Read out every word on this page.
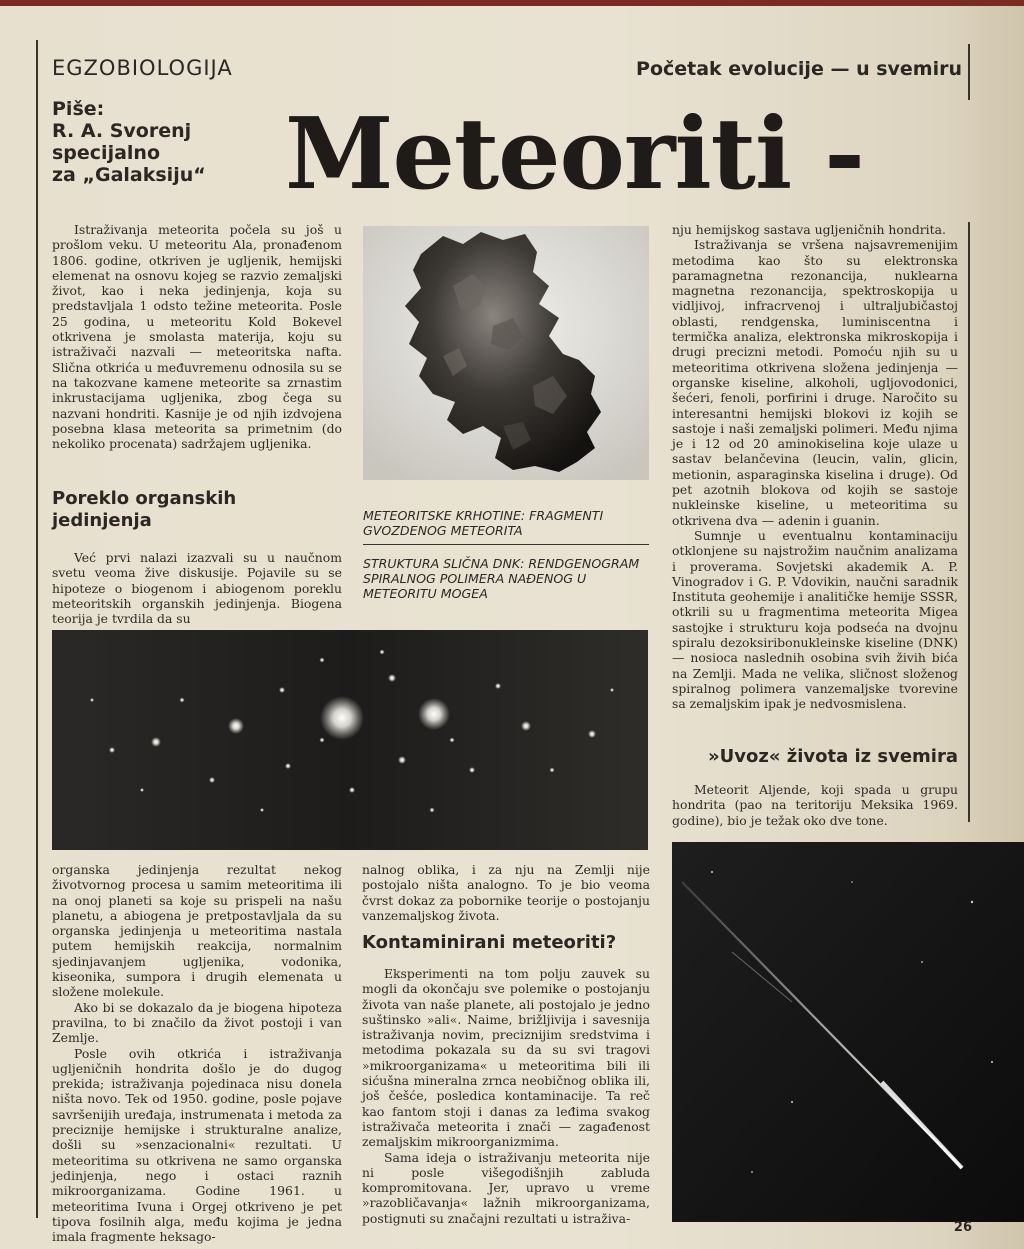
EGZOBIOLOGIJA	Početak evolucije — u svemiru
Piše:
R. A. Svorenj
specijalno
za „Galaksiju“ Meteoriti -

Istraživanja meteorita počela su još u prošlom veku. U meteoritu Ala, pronađenom 1806. godine, otkriven je ugljenik, hemijski elemenat na osnovu kojeg se razvio zemaljski život, kao i neka jedinjenja, koja su predstavljala 1 odsto težine meteorita. Posle 25 godina, u meteoritu Kold Bokevel otkrivena je smolasta materija, koju su istraživači nazvali — meteoritska nafta. Slična otkrića u međuvremenu odnosila su se na takozvane kamene meteorite sa zrnastim inkrustacijama ugljenika, zbog čega su nazvani hondriti. Kasnije je od njih izdvojena posebna klasa meteorita sa primetnim (do nekoliko procenata) sadržajem ugljenika.

Poreklo organskih jedinjenja

Već prvi nalazi izazvali su u naučnom svetu veoma žive diskusije. Pojavile su se hipoteze o biogenom i abiogenom poreklu meteoritskih organskih jedinjenja. Biogena teorija je tvrdila da su

METEORITSKE KRHOTINE: FRAGMENTI GVOZDENOG METEORITA
STRUKTURA SLIČNA DNK: RENDGENOGRAM SPIRALNOG POLIMERA NAĐENOG U METEORITU MOGEA

nju hemijskog sastava ugljeničnih hondrita.

Istraživanja se vršena najsavremenijim metodima kao što su elektronska paramagnetna rezonancija, nuklearna magnetna rezonancija, spektroskopija u vidljivoj, infracrvenoj i ultraljubičastoj oblasti, rendgenska, luminiscentna i termička analiza, elektronska mikroskopija i drugi precizni metodi. Pomoću njih su u meteoritima otkrivena složena jedinjenja — organske kiseline, alkoholi, ugljovodonici, šećeri, fenoli, porfirini i druge. Naročito su interesantni hemijski blokovi iz kojih se sastoje i naši zemaljski polimeri. Među njima je i 12 od 20 aminokiselina koje ulaze u sastav belančevina (leucin, valin, glicin, metionin, asparaginska kiselina i druge). Od pet azotnih blokova od kojih se sastoje nukleinske kiseline, u meteoritima su otkrivena dva — adenin i guanin.

Sumnje u eventualnu kontaminaciju otklonjene su najstrožim naučnim analizama i proverama. Sovjetski akademik A. P. Vinogradov i G. P. Vdovikin, naučni saradnik Instituta geohemije i analitičke hemije SSSR, otkrili su u fragmentima meteorita Migea sastojke i strukturu koja podseća na dvojnu spiralu dezoksiribonukleinske kiseline (DNK) — nosioca naslednih osobina svih živih bića na Zemlji. Mada ne velika, sličnost složenog spiralnog polimera vanzemaljske tvorevine sa zemaljskim ipak je nedvosmislena.

»Uvoz« života iz svemira

Meteorit Aljende, koji spada u grupu hondrita (pao na teritoriju Meksika 1969. godine), bio je težak oko dve tone.

organska jedinjenja rezultat nekog životvornog procesa u samim meteoritima ili na onoj planeti sa koje su prispeli na našu planetu, a abiogena je pretpostavljala da su organska jedinjenja u meteoritima nastala putem hemijskih reakcija, normalnim sjedinjavanjem ugljenika, vodonika, kiseonika, sumpora i drugih elemenata u složene molekule.

Ako bi se dokazalo da je biogena hipoteza pravilna, to bi značilo da život postoji i van Zemlje.

Posle ovih otkrića i istraživanja ugljeničnih hondrita došlo je do dugog prekida; istraživanja pojedinaca nisu donela ništa novo. Tek od 1950. godine, posle pojave savršenijih uređaja, instrumenata i metoda za preciznije hemijske i strukturalne analize, došli su »senzacionalni« rezultati. U meteoritima su otkrivena ne samo organska jedinjenja, nego i ostaci raznih mikroorganizama. Godine 1961. u meteoritima Ivuna i Orgej otkriveno je pet tipova fosilnih alga, među kojima je jedna imala fragmente heksago-

nalnog oblika, i za nju na Zemlji nije postojalo ništa analogno. To je bio veoma čvrst dokaz za pobornike teorije o postojanju vanzemaljskog života.

Kontaminirani meteoriti?

Eksperimenti na tom polju zauvek su mogli da okončaju sve polemike o postojanju života van naše planete, ali postojalo je jedno suštinsko »ali«. Naime, brižljivija i savesnija istraživanja novim, preciznijim sredstvima i metodima pokazala su da su svi tragovi »mikroorganizama« u meteoritima bili ili sićušna mineralna zrnca neobičnog oblika ili, još češće, posledica kontaminacije. Ta reč kao fantom stoji i danas za leđima svakog istraživača meteorita i znači — zagađenost zemaljskim mikroorganizmima.

Sama ideja o istraživanju meteorita nije ni posle višegodišnjih zabluda kompromitovana. Jer, upravo u vreme »razobličavanja« lažnih mikroorganizama, postignuti su značajni rezultati u istraživa-

26
